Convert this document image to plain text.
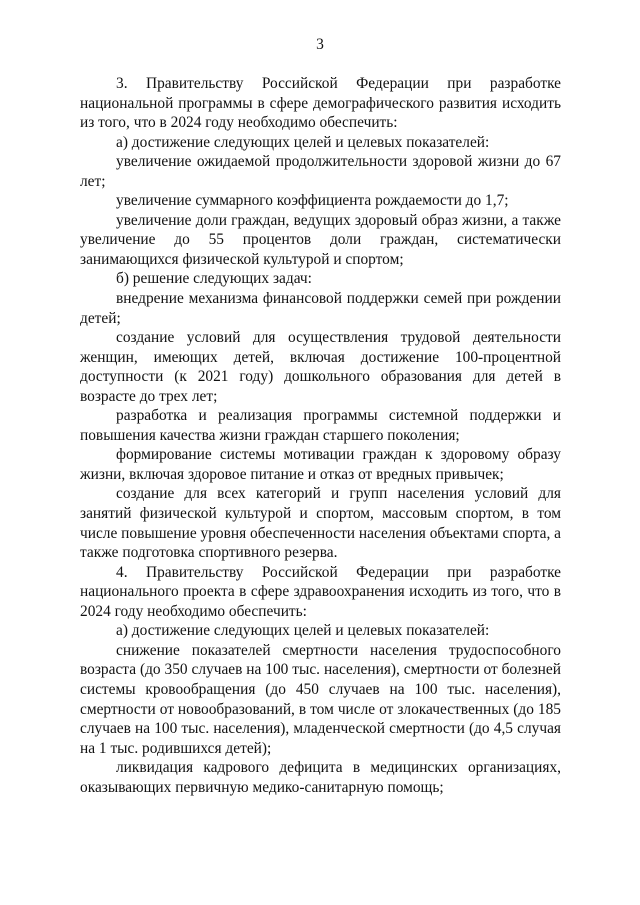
3

3. Правительству Российской Федерации при разработке национальной программы в сфере демографического развития исходить из того, что в 2024 году необходимо обеспечить:

а) достижение следующих целей и целевых показателей:

увеличение ожидаемой продолжительности здоровой жизни до 67 лет;

увеличение суммарного коэффициента рождаемости до 1,7;

увеличение доли граждан, ведущих здоровый образ жизни, а также увеличение до 55 процентов доли граждан, систематически занимающихся физической культурой и спортом;

б) решение следующих задач:

внедрение механизма финансовой поддержки семей при рождении детей;

создание условий для осуществления трудовой деятельности женщин, имеющих детей, включая достижение 100-процентной доступности (к 2021 году) дошкольного образования для детей в возрасте до трех лет;

разработка и реализация программы системной поддержки и повышения качества жизни граждан старшего поколения;

формирование системы мотивации граждан к здоровому образу жизни, включая здоровое питание и отказ от вредных привычек;

создание для всех категорий и групп населения условий для занятий физической культурой и спортом, массовым спортом, в том числе повышение уровня обеспеченности населения объектами спорта, а также подготовка спортивного резерва.

4. Правительству Российской Федерации при разработке национального проекта в сфере здравоохранения исходить из того, что в 2024 году необходимо обеспечить:

а) достижение следующих целей и целевых показателей:

снижение показателей смертности населения трудоспособного возраста (до 350 случаев на 100 тыс. населения), смертности от болезней системы кровообращения (до 450 случаев на 100 тыс. населения), смертности от новообразований, в том числе от злокачественных (до 185 случаев на 100 тыс. населения), младенческой смертности (до 4,5 случая на 1 тыс. родившихся детей);

ликвидация кадрового дефицита в медицинских организациях, оказывающих первичную медико-санитарную помощь;
